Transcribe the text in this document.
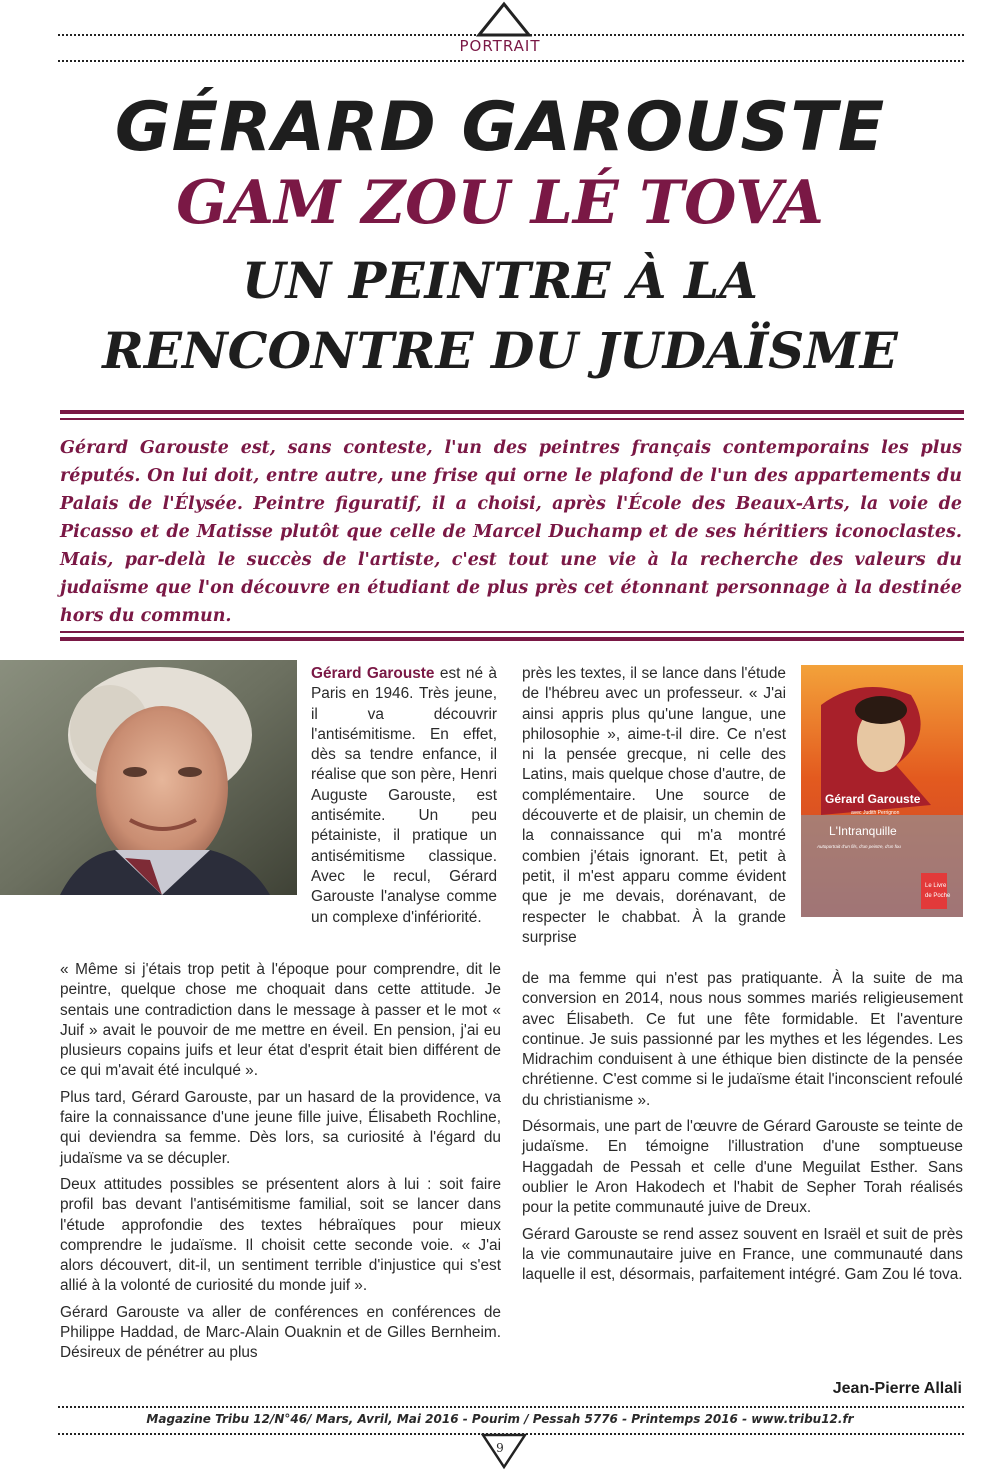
PORTRAIT
GÉRARD GAROUSTE
GAM ZOU LÉ TOVA
UN PEINTRE À LA
RENCONTRE DU JUDAÏSME
Gérard Garouste est, sans conteste, l'un des peintres français contemporains les plus réputés. On lui doit, entre autre, une frise qui orne le plafond de l'un des appartements du Palais de l'Élysée. Peintre figuratif, il a choisi, après l'École des Beaux-Arts, la voie de Picasso et de Matisse plutôt que celle de Marcel Duchamp et de ses héritiers iconoclastes. Mais, par-delà le succès de l'artiste, c'est tout une vie à la recherche des valeurs du judaïsme que l'on découvre en étudiant de plus près cet étonnant personnage à la destinée hors du commun.

Gérard Garouste est né à Paris en 1946. Très jeune, il va découvrir l'antisémitisme. En effet, dès sa tendre enfance, il réalise que son père, Henri Auguste Garouste, est antisémite. Un peu pétainiste, il pratique un antisémitisme classique. Avec le recul, Gérard Garouste l'analyse comme un complexe d'infériorité.

« Même si j'étais trop petit à l'époque pour comprendre, dit le peintre, quelque chose me choquait dans cette attitude. Je sentais une contradiction dans le message à passer et le mot « Juif » avait le pouvoir de me mettre en éveil. En pension, j'ai eu plusieurs copains juifs et leur état d'esprit était bien différent de ce qui m'avait été inculqué ».

Plus tard, Gérard Garouste, par un hasard de la providence, va faire la connaissance d'une jeune fille juive, Élisabeth Rochline, qui deviendra sa femme. Dès lors, sa curiosité à l'égard du judaïsme va se décupler.

Deux attitudes possibles se présentent alors à lui : soit faire profil bas devant l'antisémitisme familial, soit se lancer dans l'étude approfondie des textes hébraïques pour mieux comprendre le judaïsme. Il choisit cette seconde voie. « J'ai alors découvert, dit-il, un sentiment terrible d'injustice qui s'est allié à la volonté de curiosité du monde juif ».

Gérard Garouste va aller de conférences en conférences de Philippe Haddad, de Marc-Alain Ouaknin et de Gilles Bernheim. Désireux de pénétrer au plus

près les textes, il se lance dans l'étude de l'hébreu avec un professeur. « J'ai ainsi appris plus qu'une langue, une philosophie », aime-t-il dire. Ce n'est ni la pensée grecque, ni celle des Latins, mais quelque chose d'autre, de complémentaire. Une source de découverte et de plaisir, un chemin de la connaissance qui m'a montré combien j'étais ignorant. Et, petit à petit, il m'est apparu comme évident que je me devais, dorénavant, de respecter le chabbat. À la grande surprise

Gérard Garouste
avec Judith Perrignon
L'Intranquille
Autoportrait d'un fils, d'un peintre, d'un fou
Le Livre
de Poche

de ma femme qui n'est pas pratiquante. À la suite de ma conversion en 2014, nous nous sommes mariés religieusement avec Élisabeth. Ce fut une fête formidable. Et l'aventure continue. Je suis passionné par les mythes et les légendes. Les Midrachim conduisent à une éthique bien distincte de la pensée chrétienne. C'est comme si le judaïsme était l'inconscient refoulé du christianisme ».

Désormais, une part de l'œuvre de Gérard Garouste se teinte de judaïsme. En témoigne l'illustration d'une somptueuse Haggadah de Pessah et celle d'une Meguilat Esther. Sans oublier le Aron Hakodech et l'habit de Sepher Torah réalisés pour la petite communauté juive de Dreux.

Gérard Garouste se rend assez souvent en Israël et suit de près la vie communautaire juive en France, une communauté dans laquelle il est, désormais, parfaitement intégré. Gam Zou lé tova.

Jean-Pierre Allali
Magazine Tribu 12/N°46/ Mars, Avril, Mai 2016 - Pourim / Pessah 5776 - Printemps 2016 - www.tribu12.fr
9
